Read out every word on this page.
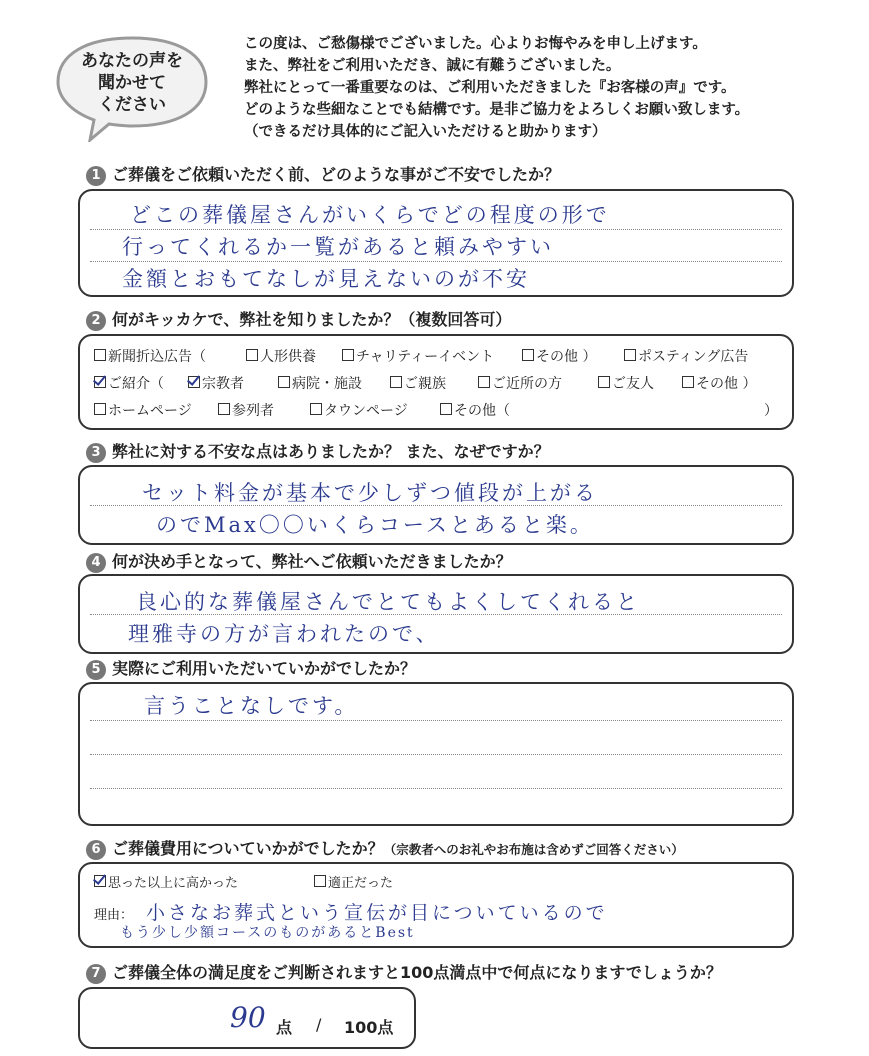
あなたの声を
聞かせて
ください
この度は、ご愁傷様でございました。心よりお悔やみを申し上げます。
また、弊社をご利用いただき、誠に有難うございました。
弊社にとって一番重要なのは、ご利用いただきました『お客様の声』です。
どのような些細なことでも結構です。是非ご協力をよろしくお願い致します。
（できるだけ具体的にご記入いただけると助かります）
1 ご葬儀をご依頼いただく前、どのような事がご不安でしたか？
どこの葬儀屋さんがいくらでどの程度の形で
行ってくれるか一覧があると頼みやすい
金額とおもてなしが見えないのが不安
2 何がキッカケで、弊社を知りましたか？（複数回答可）
新聞折込広告（	人形供養	チャリティーイベント	その他 ）	ポスティング広告
ご紹介（	宗教者	病院・施設	ご親族	ご近所の方	ご友人	その他 ）
ホームページ	参列者	タウンページ	その他（	）
3 弊社に対する不安な点はありましたか？ また、なぜですか？
セット料金が基本で少しずつ値段が上がる
のでMax〇〇いくらコースとあると楽。
4 何が決め手となって、弊社へご依頼いただきましたか？
良心的な葬儀屋さんでとてもよくしてくれると
理雅寺の方が言われたので、
5 実際にご利用いただいていかがでしたか？
言うことなしです。
6 ご葬儀費用についていかがでしたか？（宗教者へのお礼やお布施は含めずご回答ください）
思った以上に高かった	適正だった
理由： 小さなお葬式という宣伝が目についているので
もう少し少額コースのものがあるとBest
7 ご葬儀全体の満足度をご判断されますと100点満点中で何点になりますでしょうか？
90 点 / 100点
